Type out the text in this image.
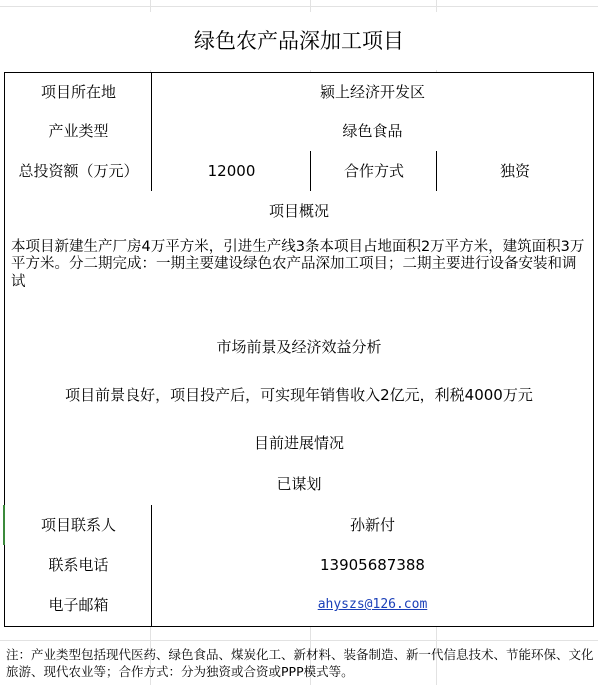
绿色农产品深加工项目
项目所在地	颍上经济开发区
产业类型	绿色食品
总投资额（万元）	12000	合作方式	独资
项目概况
本项目新建生产厂房4万平方米，引进生产线3条本项目占地面积2万平方米，建筑面积3万平方米。分二期完成：一期主要建设绿色农产品深加工项目；二期主要进行设备安装和调试
市场前景及经济效益分析
项目前景良好，项目投产后，可实现年销售收入2亿元，利税4000万元
目前进展情况
已谋划
项目联系人	孙新付
联系电话	13905687388
电子邮箱	ahyszs@126.com
注：产业类型包括现代医药、绿色食品、煤炭化工、新材料、装备制造、新一代信息技术、节能环保、文化旅游、现代农业等；合作方式：分为独资或合资或PPP模式等。
